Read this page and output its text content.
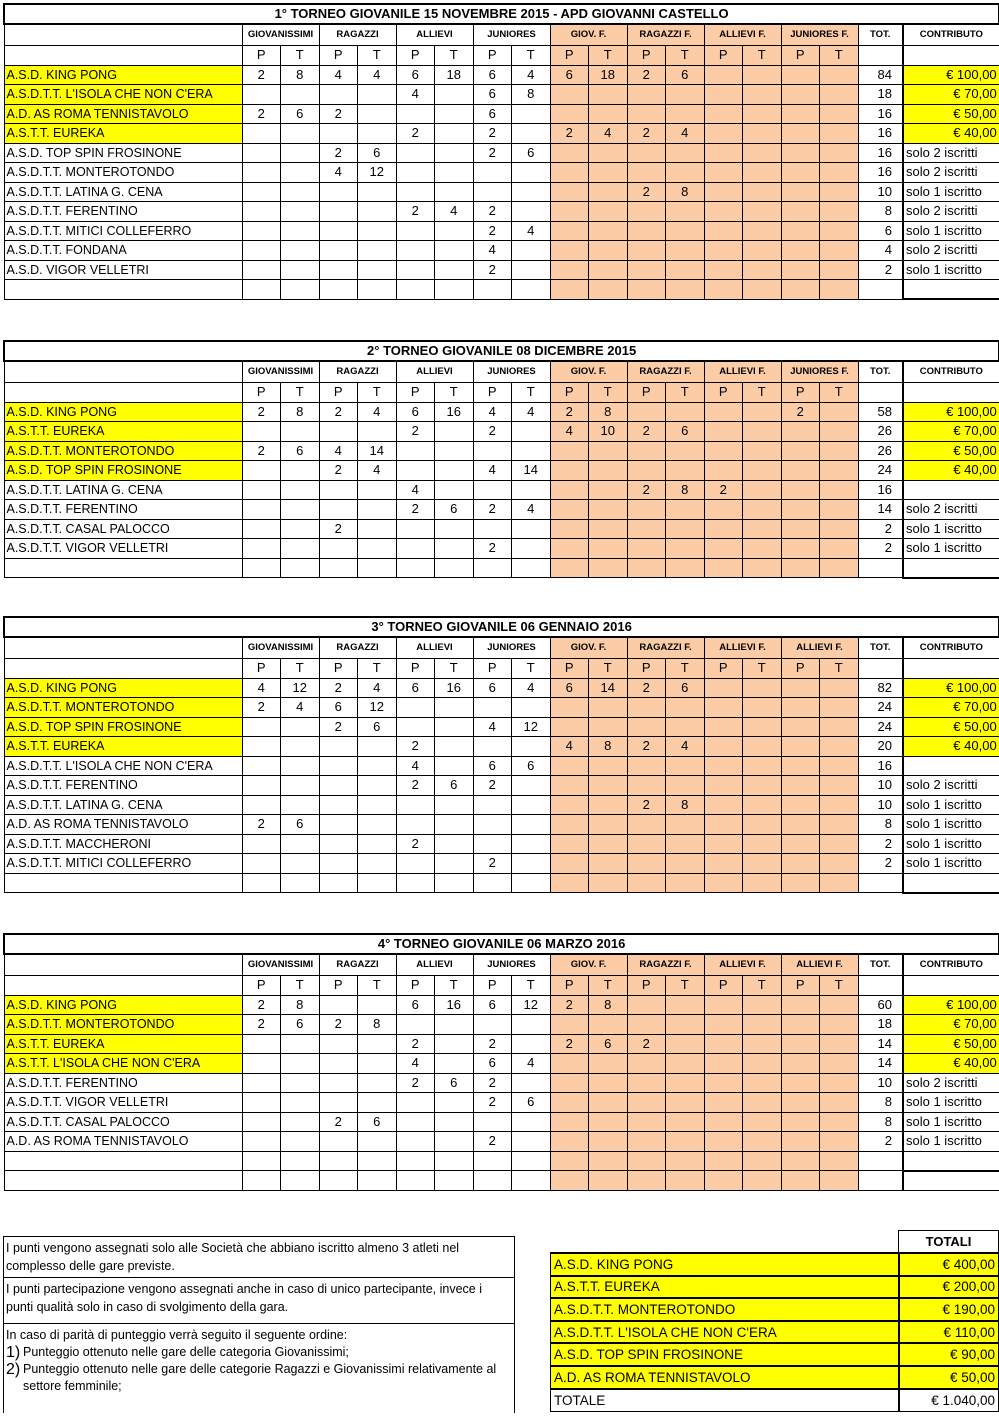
1° TORNEO GIOVANILE 15 NOVEMBRE 2015 - APD GIOVANNI CASTELLO																		
	GIOVANISSIMI		RAGAZZI		ALLIEVI		JUNIORES		GIOV. F.		RAGAZZI F.		ALLIEVI F.		JUNIORES F.		TOT.	CONTRIBUTO
	P	T	P	T	P	T	P	T	P	T	P	T	P	T	P	T		
A.S.D. KING PONG	2	8	4	4	6	18	6	4	6	18	2	6					84	€ 100,00
A.S.D.T.T. L'ISOLA CHE NON C'ERA					4		6	8									18	€ 70,00
A.D. AS ROMA TENNISTAVOLO	2	6	2				6										16	€ 50,00
A.S.T.T. EUREKA					2		2		2	4	2	4					16	€ 40,00
A.S.D. TOP SPIN FROSINONE			2	6			2	6									16	solo 2 iscritti
A.S.D.T.T. MONTEROTONDO			4	12													16	solo 2 iscritti
A.S.D.T.T. LATINA G. CENA											2	8					10	solo 1 iscritto
A.S.D.T.T. FERENTINO					2	4	2										8	solo 2 iscritti
A.S.D.T.T. MITICI COLLEFERRO							2	4									6	solo 1 iscritto
A.S.D.T.T. FONDANA							4										4	solo 2 iscritti
A.S.D. VIGOR VELLETRI							2										2	solo 1 iscritto

2° TORNEO GIOVANILE 08 DICEMBRE 2015																		
	GIOVANISSIMI		RAGAZZI		ALLIEVI		JUNIORES		GIOV. F.		RAGAZZI F.		ALLIEVI F.		JUNIORES F.		TOT.	CONTRIBUTO
	P	T	P	T	P	T	P	T	P	T	P	T	P	T	P	T		
A.S.D. KING PONG	2	8	2	4	6	16	4	4	2	8					2		58	€ 100,00
A.S.T.T. EUREKA					2		2		4	10	2	6					26	€ 70,00
A.S.D.T.T. MONTEROTONDO	2	6	4	14													26	€ 50,00
A.S.D. TOP SPIN FROSINONE			2	4			4	14									24	€ 40,00
A.S.D.T.T. LATINA G. CENA					4						2	8	2				16	
A.S.D.T.T. FERENTINO					2	6	2	4									14	solo 2 iscritti
A.S.D.T.T. CASAL PALOCCO			2														2	solo 1 iscritto
A.S.D.T.T. VIGOR VELLETRI							2										2	solo 1 iscritto

3° TORNEO GIOVANILE 06 GENNAIO 2016																		
	GIOVANISSIMI		RAGAZZI		ALLIEVI		JUNIORES		GIOV. F.		RAGAZZI F.		ALLIEVI F.		ALLIEVI F.		TOT.	CONTRIBUTO
	P	T	P	T	P	T	P	T	P	T	P	T	P	T	P	T		
A.S.D. KING PONG	4	12	2	4	6	16	6	4	6	14	2	6					82	€ 100,00
A.S.D.T.T. MONTEROTONDO	2	4	6	12													24	€ 70,00
A.S.D. TOP SPIN FROSINONE			2	6			4	12									24	€ 50,00
A.S.T.T. EUREKA					2				4	8	2	4					20	€ 40,00
A.S.D.T.T. L'ISOLA CHE NON C'ERA					4		6	6									16	
A.S.D.T.T. FERENTINO					2	6	2										10	solo 2 iscritti
A.S.D.T.T. LATINA G. CENA											2	8					10	solo 1 iscritto
A.D. AS ROMA TENNISTAVOLO	2	6															8	solo 1 iscritto
A.S.D.T.T. MACCHERONI					2												2	solo 1 iscritto
A.S.D.T.T. MITICI COLLEFERRO							2										2	solo 1 iscritto

4° TORNEO GIOVANILE 06 MARZO 2016																		
	GIOVANISSIMI		RAGAZZI		ALLIEVI		JUNIORES		GIOV. F.		RAGAZZI F.		ALLIEVI F.		ALLIEVI F.		TOT.	CONTRIBUTO
	P	T	P	T	P	T	P	T	P	T	P	T	P	T	P	T		
A.S.D. KING PONG	2	8			6	16	6	12	2	8							60	€ 100,00
A.S.D.T.T. MONTEROTONDO	2	6	2	8													18	€ 70,00
A.S.T.T. EUREKA					2		2		2	6	2						14	€ 50,00
A.S.T.T. L'ISOLA CHE NON C'ERA					4		6	4									14	€ 40,00
A.S.D.T.T. FERENTINO					2	6	2										10	solo 2 iscritti
A.S.D.T.T. VIGOR VELLETRI							2	6									8	solo 1 iscritto
A.S.D.T.T. CASAL PALOCCO			2	6													8	solo 1 iscritto
A.D. AS ROMA TENNISTAVOLO							2										2	solo 1 iscritto

I punti vengono assegnati solo alle Società che abbiano iscritto almeno 3 atleti nel complesso delle gare previste.
I punti partecipazione vengono assegnati anche in caso di unico partecipante, invece i punti qualità solo in caso di svolgimento della gara.
In caso di parità di punteggio verrà seguito il seguente ordine:
1) Punteggio ottenuto nelle gare delle categoria Giovanissimi;
2) Punteggio ottenuto nelle gare delle categorie Ragazzi e Giovanissimi relativamente al settore femminile;
	TOTALI
A.S.D. KING PONG	€ 400,00
A.S.T.T. EUREKA	€ 200,00
A.S.D.T.T. MONTEROTONDO	€ 190,00
A.S.D.T.T. L'ISOLA CHE NON C'ERA	€ 110,00
A.S.D. TOP SPIN FROSINONE	€ 90,00
A.D. AS ROMA TENNISTAVOLO	€ 50,00
TOTALE	€ 1.040,00
